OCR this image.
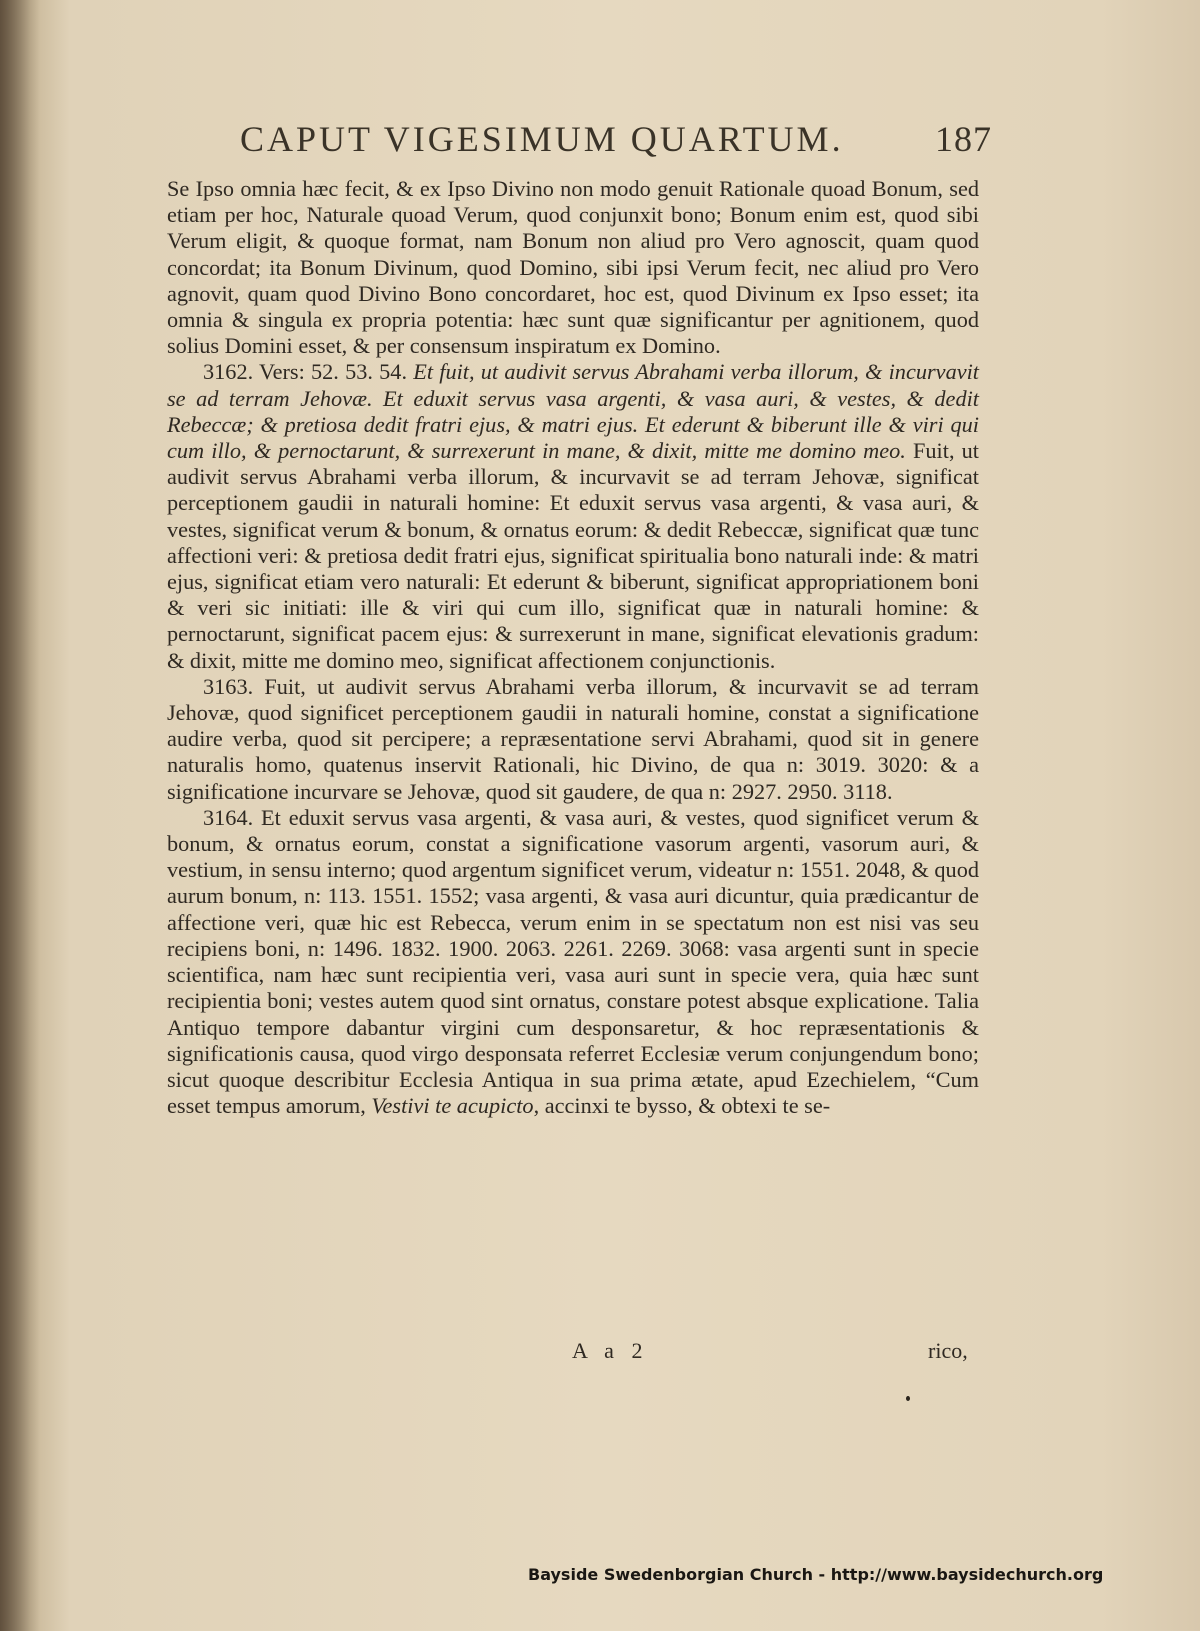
CAPUT VIGESIMUM QUARTUM.	187

Se Ipso omnia hæc fecit, & ex Ipso Divino non modo genuit Rationale quoad Bonum, sed etiam per hoc, Naturale quoad Verum, quod conjunxit bono; Bonum enim est, quod sibi Verum eligit, & quoque format, nam Bonum non aliud pro Vero agnoscit, quam quod concordat; ita Bonum Divinum, quod Domino, sibi ipsi Verum fecit, nec aliud pro Vero agnovit, quam quod Divino Bono concordaret, hoc est, quod Divinum ex Ipso esset; ita omnia & singula ex propria potentia: hæc sunt quæ significantur per agnitionem, quod solius Domini esset, & per consensum inspiratum ex Domino.

3162. Vers: 52. 53. 54. Et fuit, ut audivit servus Abrahami verba illorum, & incurvavit se ad terram Jehovæ. Et eduxit servus vasa argenti, & vasa auri, & vestes, & dedit Rebeccæ; & pretiosa dedit fratri ejus, & matri ejus. Et ederunt & biberunt ille & viri qui cum illo, & pernoctarunt, & surrexerunt in mane, & dixit, mitte me domino meo. Fuit, ut audivit servus Abrahami verba illorum, & incurvavit se ad terram Jehovæ, significat perceptionem gaudii in naturali homine: Et eduxit servus vasa argenti, & vasa auri, & vestes, significat verum & bonum, & ornatus eorum: & dedit Rebeccæ, significat quæ tunc affectioni veri: & pretiosa dedit fratri ejus, significat spiritualia bono naturali inde: & matri ejus, significat etiam vero naturali: Et ederunt & biberunt, significat appropriationem boni & veri sic initiati: ille & viri qui cum illo, significat quæ in naturali homine: & pernoctarunt, significat pacem ejus: & surrexerunt in mane, significat elevationis gradum: & dixit, mitte me domino meo, significat affectionem conjunctionis.

3163. Fuit, ut audivit servus Abrahami verba illorum, & incurvavit se ad terram Jehovæ, quod significet perceptionem gaudii in naturali homine, constat a significatione audire verba, quod sit percipere; a repræsentatione servi Abrahami, quod sit in genere naturalis homo, quatenus inservit Rationali, hic Divino, de qua n: 3019. 3020: & a significatione incurvare se Jehovæ, quod sit gaudere, de qua n: 2927. 2950. 3118.

3164. Et eduxit servus vasa argenti, & vasa auri, & vestes, quod significet verum & bonum, & ornatus eorum, constat a significatione vasorum argenti, vasorum auri, & vestium, in sensu interno; quod argentum significet verum, videatur n: 1551. 2048, & quod aurum bonum, n: 113. 1551. 1552; vasa argenti, & vasa auri dicuntur, quia prædicantur de affectione veri, quæ hic est Rebecca, verum enim in se spectatum non est nisi vas seu recipiens boni, n: 1496. 1832. 1900. 2063. 2261. 2269. 3068: vasa argenti sunt in specie scientifica, nam hæc sunt recipientia veri, vasa auri sunt in specie vera, quia hæc sunt recipientia boni; vestes autem quod sint ornatus, constare potest absque explicatione. Talia Antiquo tempore dabantur virgini cum desponsaretur, & hoc repræsentationis & significationis causa, quod virgo desponsata referret Ecclesiæ verum conjungendum bono; sicut quoque describitur Ecclesia Antiqua in sua prima ætate, apud Ezechielem, “Cum esset tempus amorum, Vestivi te acupicto, accinxi te bysso, & obtexi te se-

A a 2	rico,
Bayside Swedenborgian Church - http://www.baysidechurch.org
